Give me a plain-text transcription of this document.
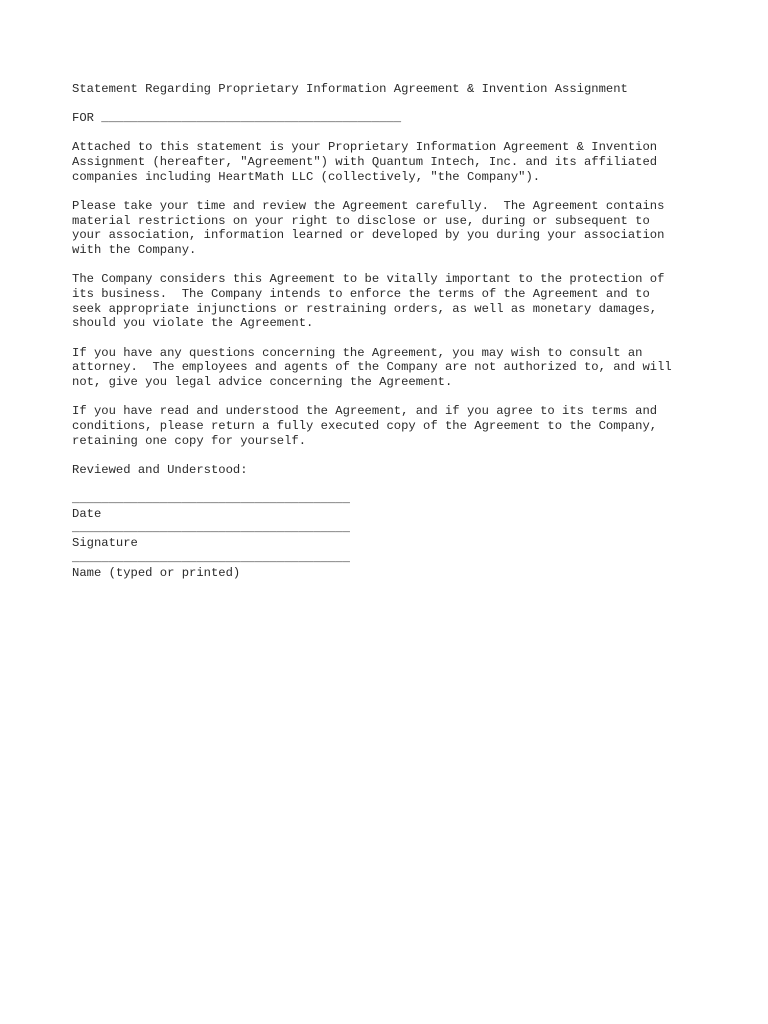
Statement Regarding Proprietary Information Agreement & Invention Assignment
FOR _________________________________________
Attached to this statement is your Proprietary Information Agreement & Invention
Assignment (hereafter, "Agreement") with Quantum Intech, Inc. and its affiliated
companies including HeartMath LLC (collectively, "the Company").
Please take your time and review the Agreement carefully.  The Agreement contains
material restrictions on your right to disclose or use, during or subsequent to
your association, information learned or developed by you during your association
with the Company.
The Company considers this Agreement to be vitally important to the protection of
its business.  The Company intends to enforce the terms of the Agreement and to
seek appropriate injunctions or restraining orders, as well as monetary damages,
should you violate the Agreement.
If you have any questions concerning the Agreement, you may wish to consult an
attorney.  The employees and agents of the Company are not authorized to, and will
not, give you legal advice concerning the Agreement.
If you have read and understood the Agreement, and if you agree to its terms and
conditions, please return a fully executed copy of the Agreement to the Company,
retaining one copy for yourself.
Reviewed and Understood:
______________________________________
Date
______________________________________
Signature
______________________________________
Name (typed or printed)
